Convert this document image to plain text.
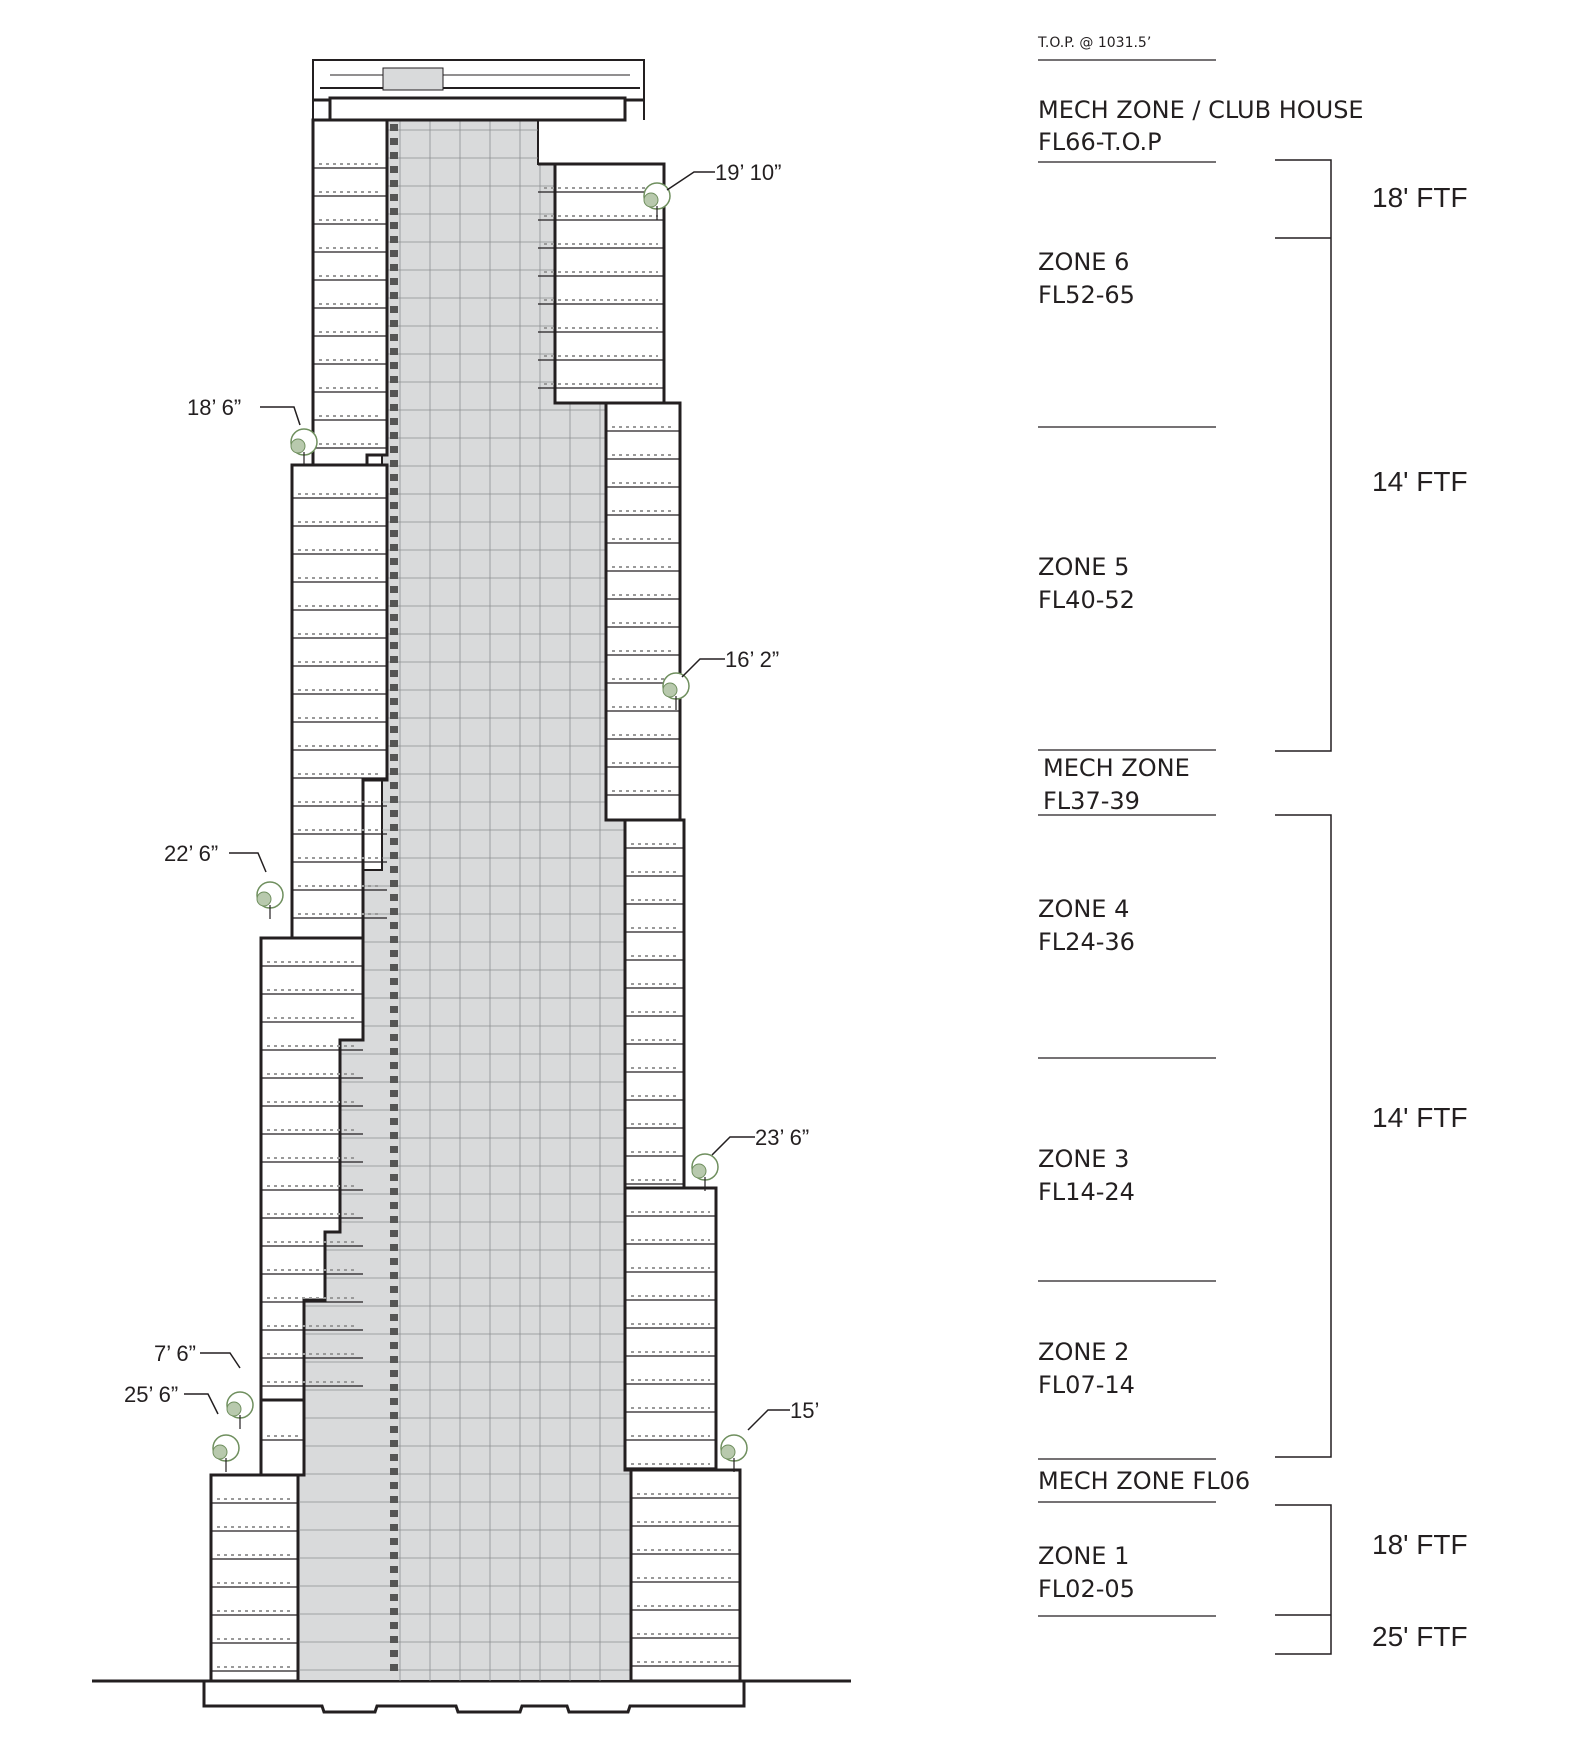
19’ 10”
18’ 6”
16’ 2”
22’ 6”
23’ 6”
7’ 6”
25’ 6”
15’
T.O.P. @ 1031.5’
MECH ZONE / CLUB HOUSE
FL66-T.O.P
ZONE 6
FL52-65
ZONE 5
FL40-52
MECH ZONE
FL37-39
ZONE 4
FL24-36
ZONE 3
FL14-24
ZONE 2
FL07-14
MECH ZONE FL06
ZONE 1
FL02-05
18' FTF
14' FTF
14' FTF
18' FTF
25' FTF
